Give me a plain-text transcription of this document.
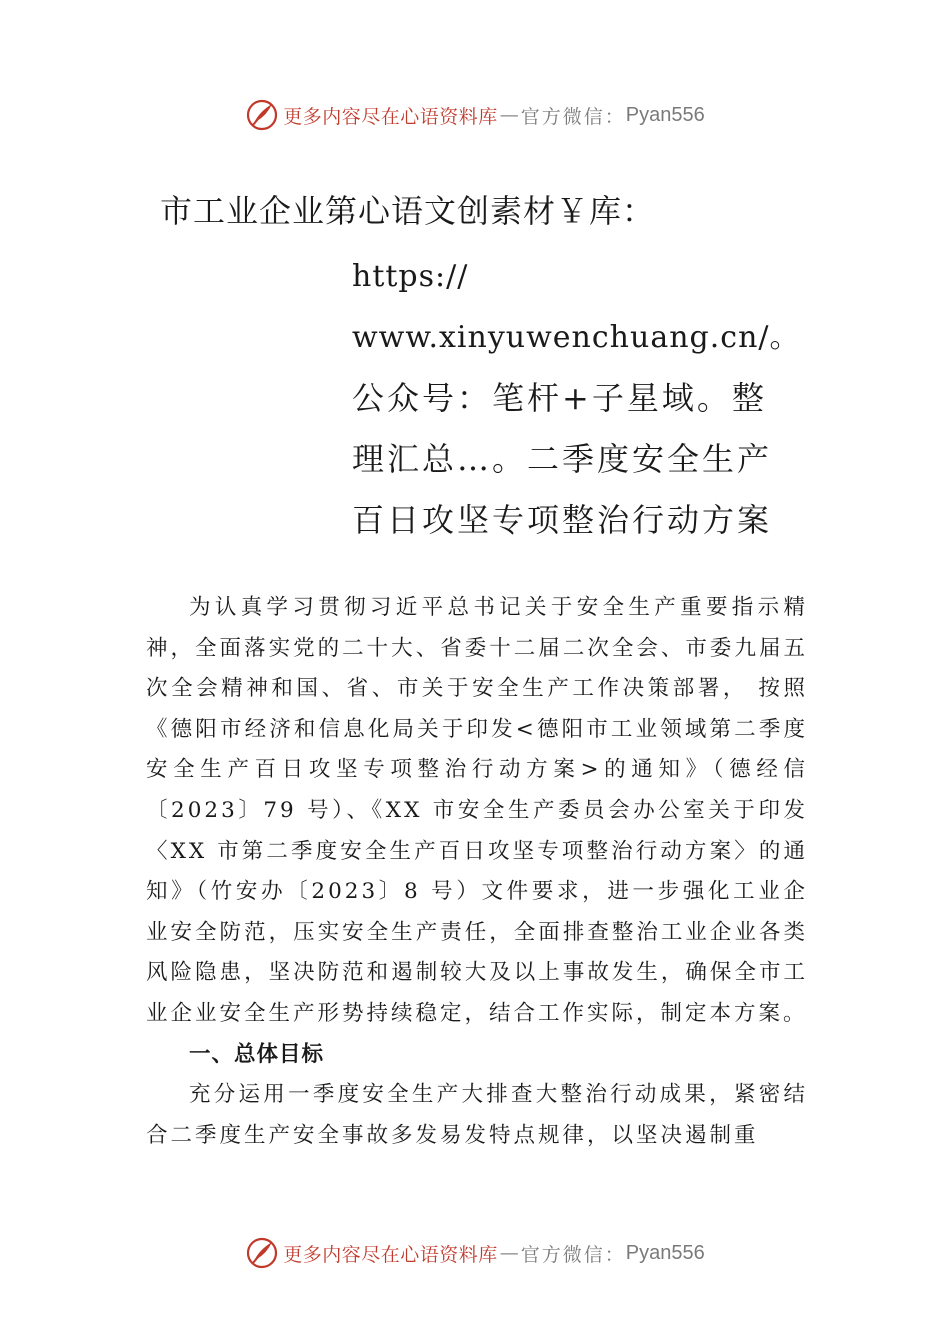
更多内容尽在心语资料库 — 官方微信： Pyan556
市工业企业第心语文创素材￥库：
https://
www.xinyuwenchuang.cn/。
公众号：笔杆+子星域。整
理汇总…。二季度安全生产
百日攻坚专项整治行动方案

为认真学习贯彻习近平总书记关于安全生产重要指示精神，全面落实党的二十大、省委十二届二次全会、市委九届五次全会精神和国、省、市关于安全生产工作决策部署， 按照《德阳市经济和信息化局关于印发<德阳市工业领域第二季度安全生产百日攻坚专项整治行动方案>的通知》（德经信〔2023〕79 号）、《XX 市安全生产委员会办公室关于印发〈XX 市第二季度安全生产百日攻坚专项整治行动方案〉的通知》（竹安办〔2023〕8 号）文件要求，进一步强化工业企业安全防范，压实安全生产责任，全面排查整治工业企业各类风险隐患，坚决防范和遏制较大及以上事故发生，确保全市工业企业安全生产形势持续稳定，结合工作实际，制定本方案。

一、总体目标

充分运用一季度安全生产大排查大整治行动成果，紧密结合二季度生产安全事故多发易发特点规律，以坚决遏制重

更多内容尽在心语资料库 — 官方微信： Pyan556
